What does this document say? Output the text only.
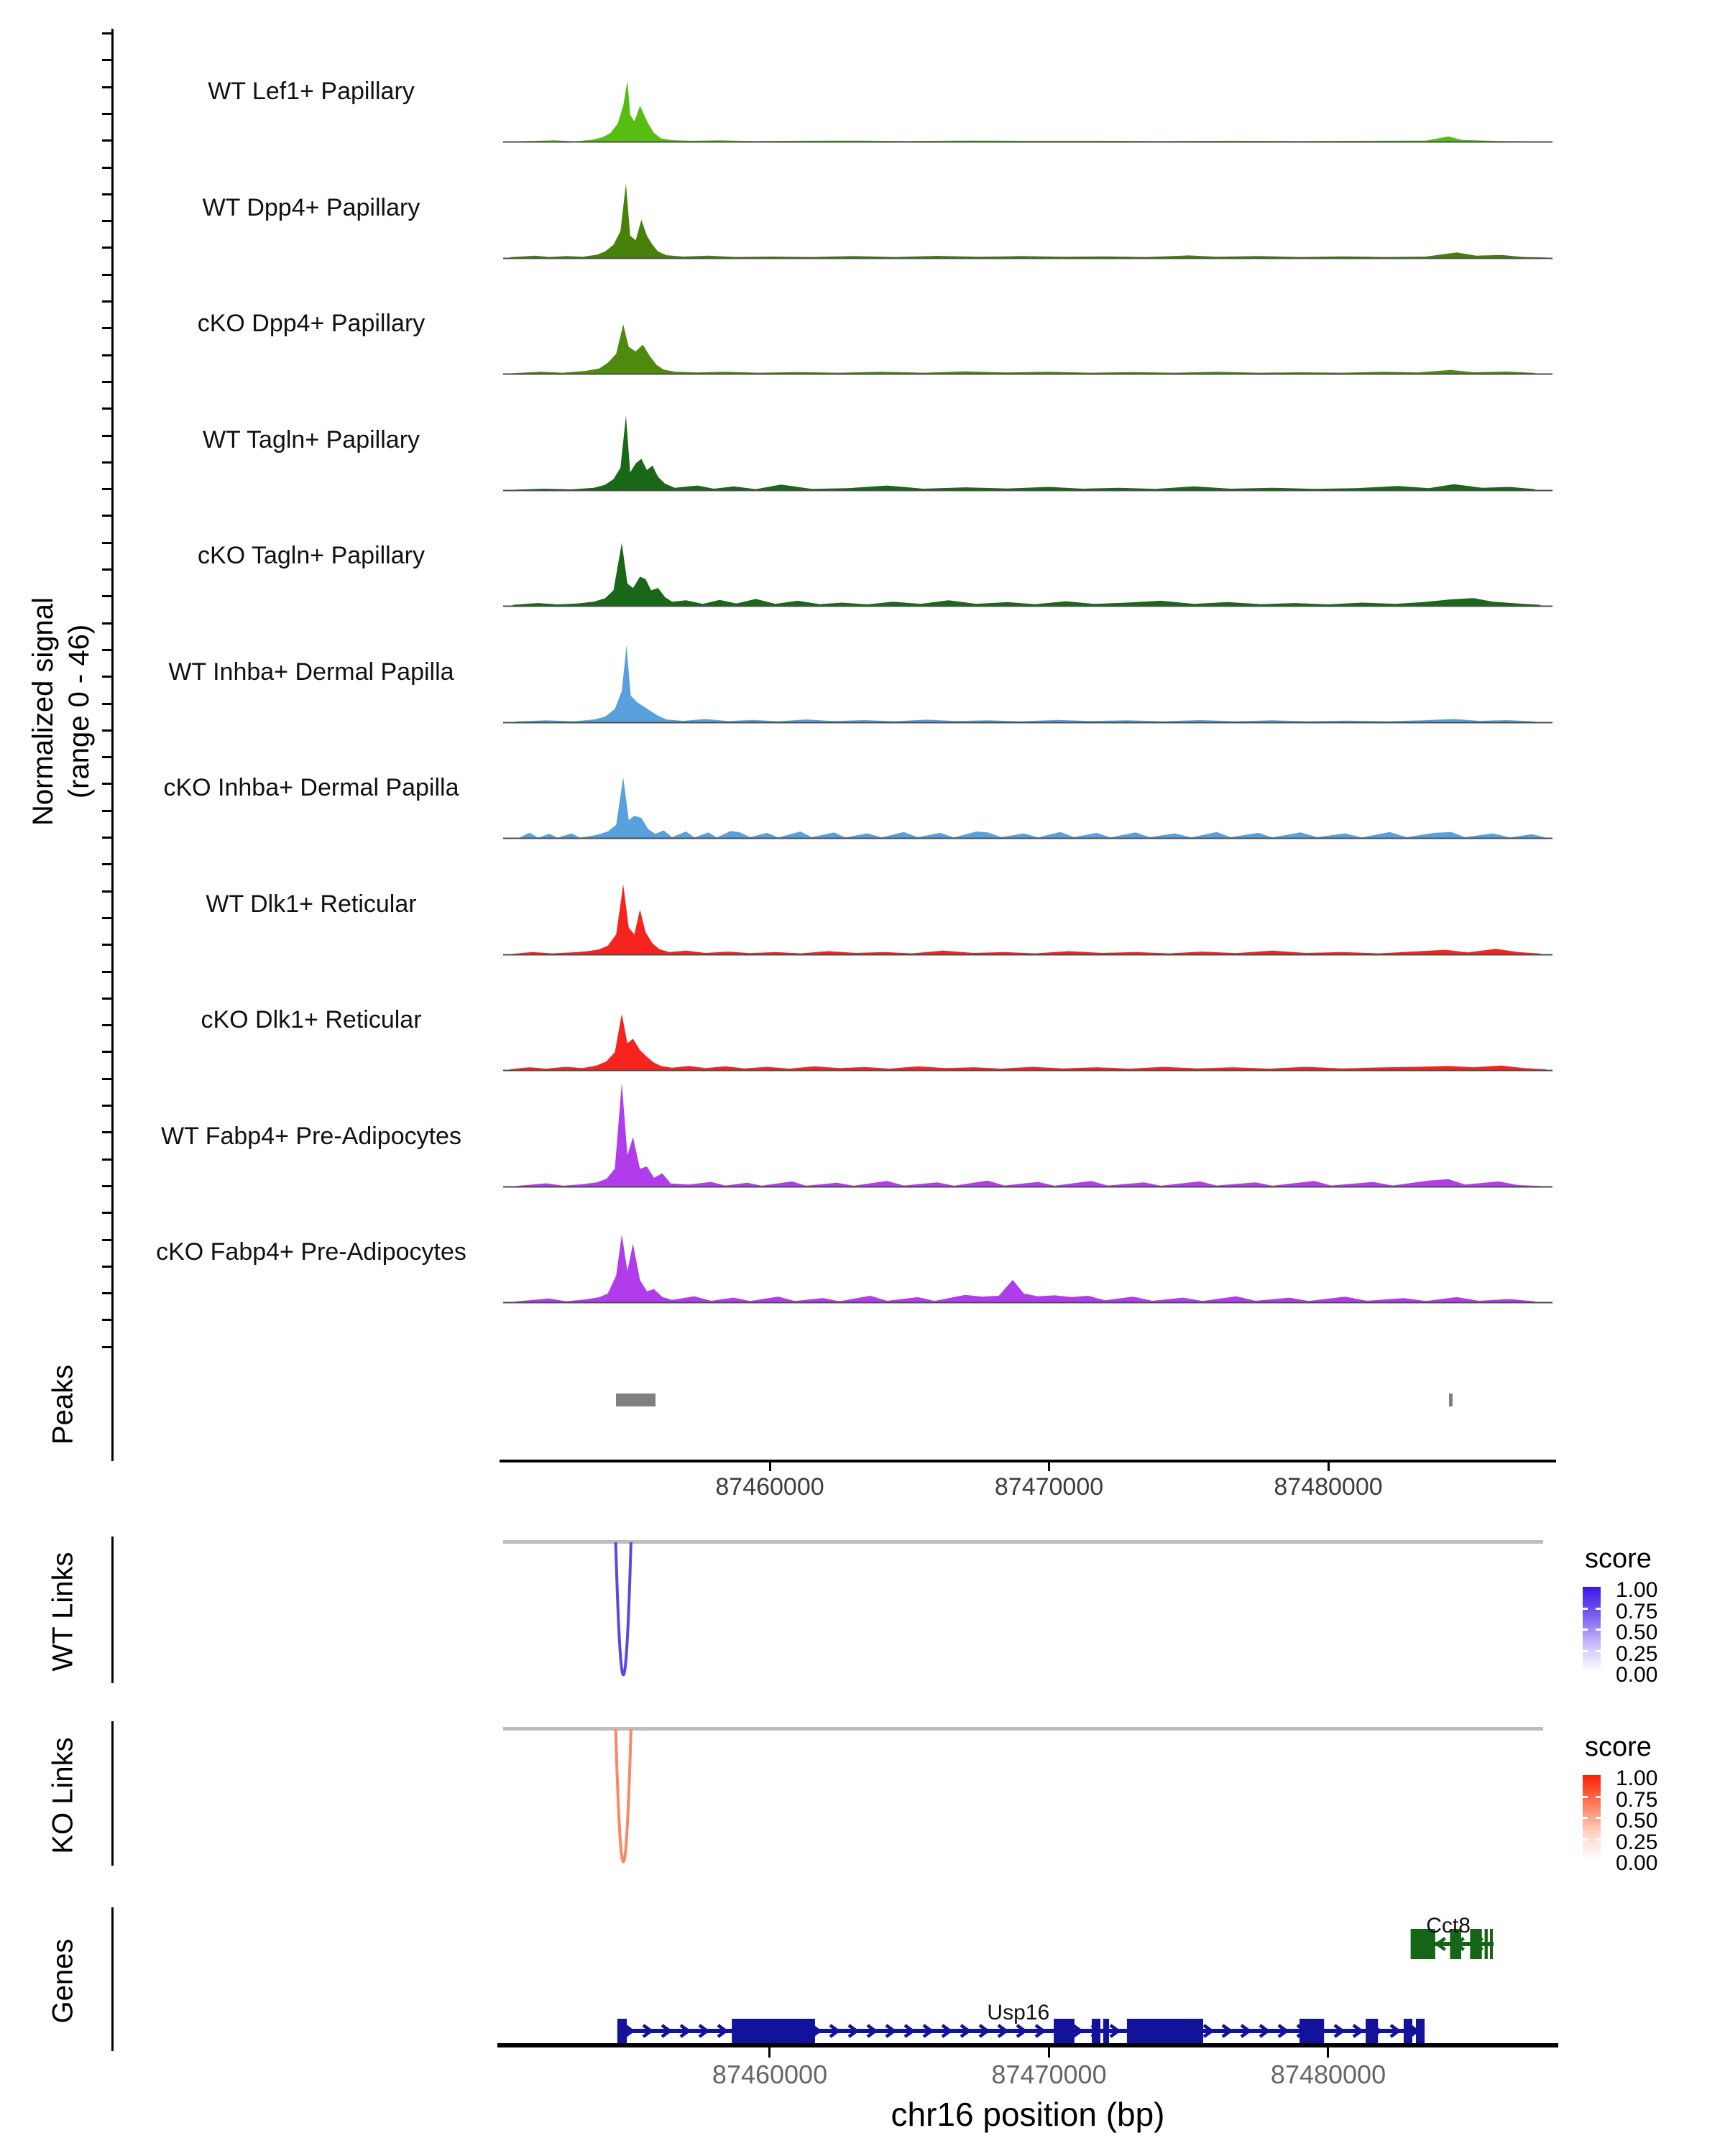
Normalized signal (range 0 - 46)
Peaks
WT Links
KO Links
Genes
WT Lef1+ Papillary
WT Dpp4+ Papillary
cKO Dpp4+ Papillary
WT Tagln+ Papillary
cKO Tagln+ Papillary
WT Inhba+ Dermal Papilla
cKO Inhba+ Dermal Papilla
WT Dlk1+ Reticular
cKO Dlk1+ Reticular
WT Fabp4+ Pre-Adipocytes
cKO Fabp4+ Pre-Adipocytes
87460000	87470000	87480000
Cct8
Usp16
87460000	87470000	87480000
score
1.00
0.75
0.50
0.25
0.00
score
1.00
0.75
0.50
0.25
0.00
chr16 position (bp)
